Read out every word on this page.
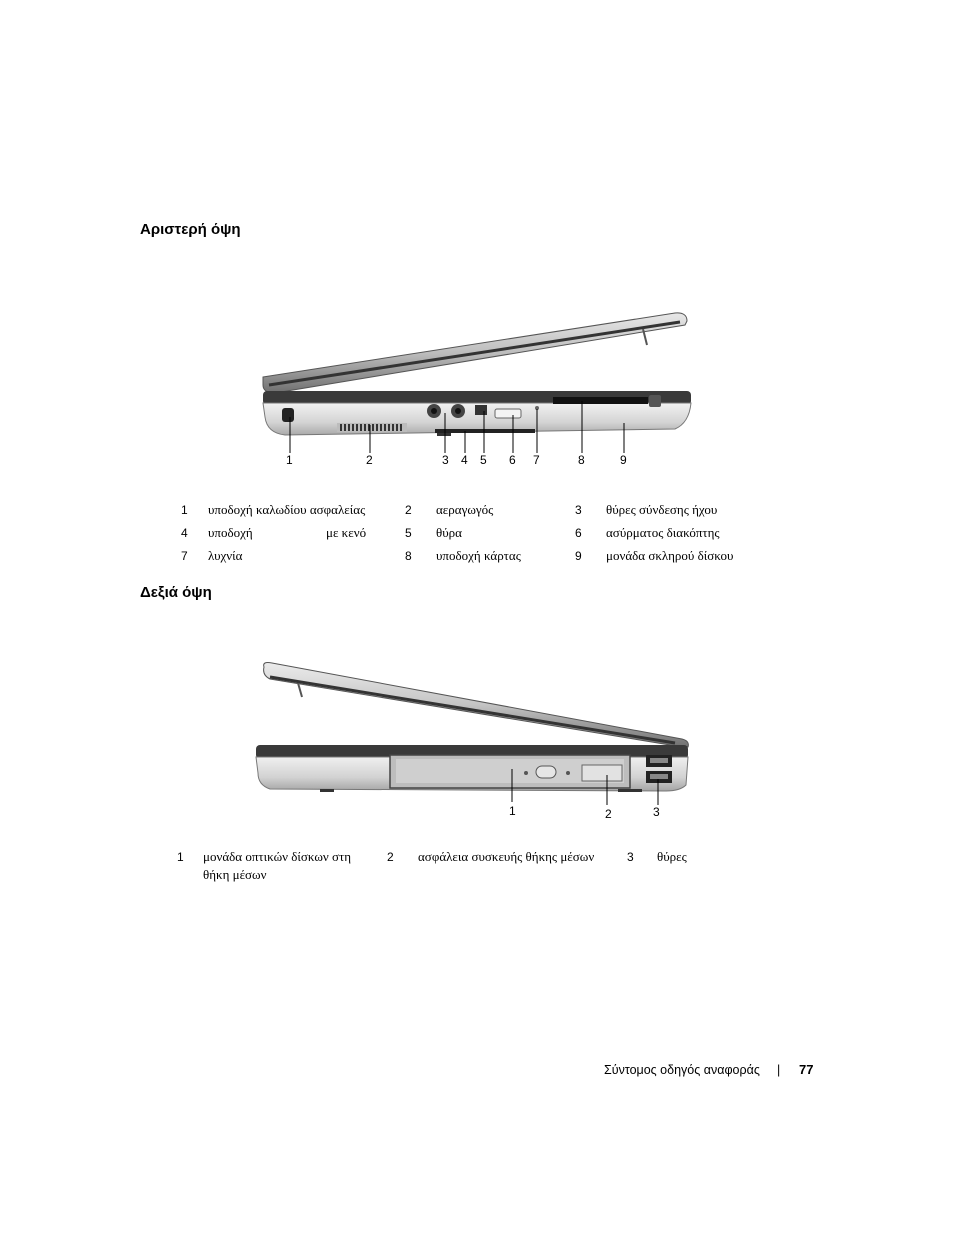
Αριστερή όψη
1	2	3 4 5 6 7	8	9
1 υποδοχή καλωδίου ασφαλείας	2 αεραγωγός	3 θύρες σύνδεσης ήχου
4 υποδοχή	με κενό	5 θύρα	6 ασύρματος διακόπτης
7 λυχνία	8 υποδοχή κάρτας	9 μονάδα σκληρού δίσκου
Δεξιά όψη
1	2	3
1 μονάδα οπτικών δίσκων στη
θήκη μέσων
2 ασφάλεια συσκευής θήκης μέσων	3 θύρες
Σύντομος οδηγός αναφοράς | 77
